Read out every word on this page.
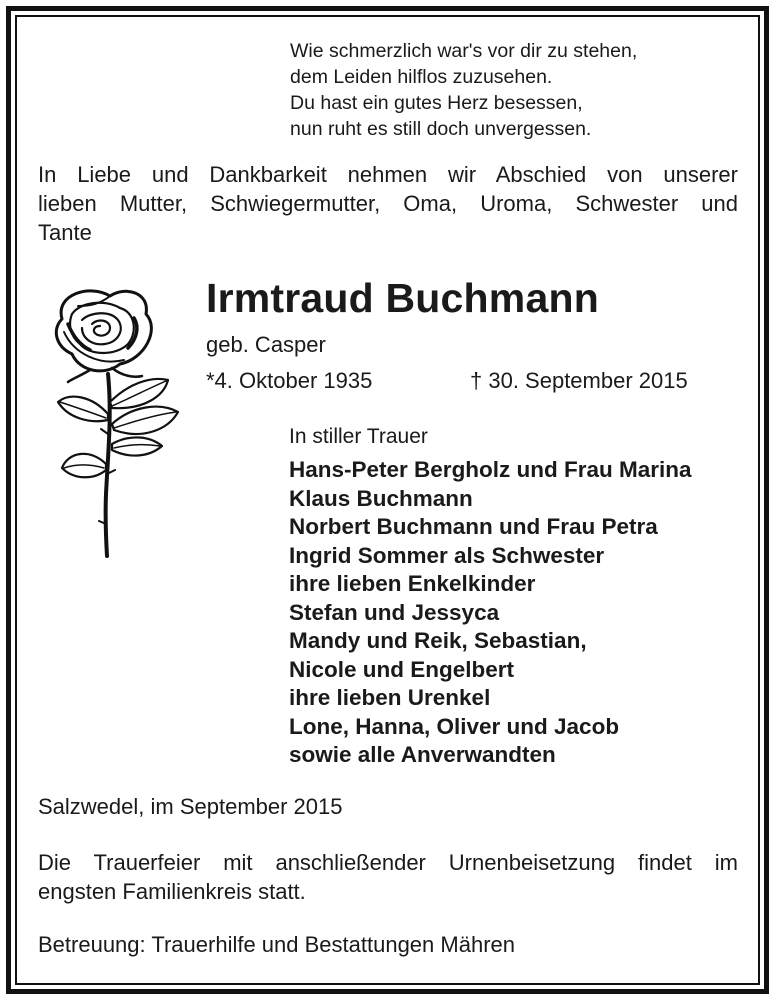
Wie schmerzlich war's vor dir zu stehen,
dem Leiden hilflos zuzusehen.
Du hast ein gutes Herz besessen,
nun ruht es still doch unvergessen.
In Liebe und Dankbarkeit nehmen wir Abschied von unserer
lieben Mutter, Schwiegermutter, Oma, Uroma, Schwester und
Tante
Irmtraud Buchmann
geb. Casper
*4. Oktober 1935	† 30. September 2015
In stiller Trauer
Hans-Peter Bergholz und Frau Marina
Klaus Buchmann
Norbert Buchmann und Frau Petra
Ingrid Sommer als Schwester
ihre lieben Enkelkinder
Stefan und Jessyca
Mandy und Reik, Sebastian,
Nicole und Engelbert
ihre lieben Urenkel
Lone, Hanna, Oliver und Jacob
sowie alle Anverwandten
Salzwedel, im September 2015
Die Trauerfeier mit anschließender Urnenbeisetzung findet im
engsten Familienkreis statt.
Betreuung: Trauerhilfe und Bestattungen Mähren
